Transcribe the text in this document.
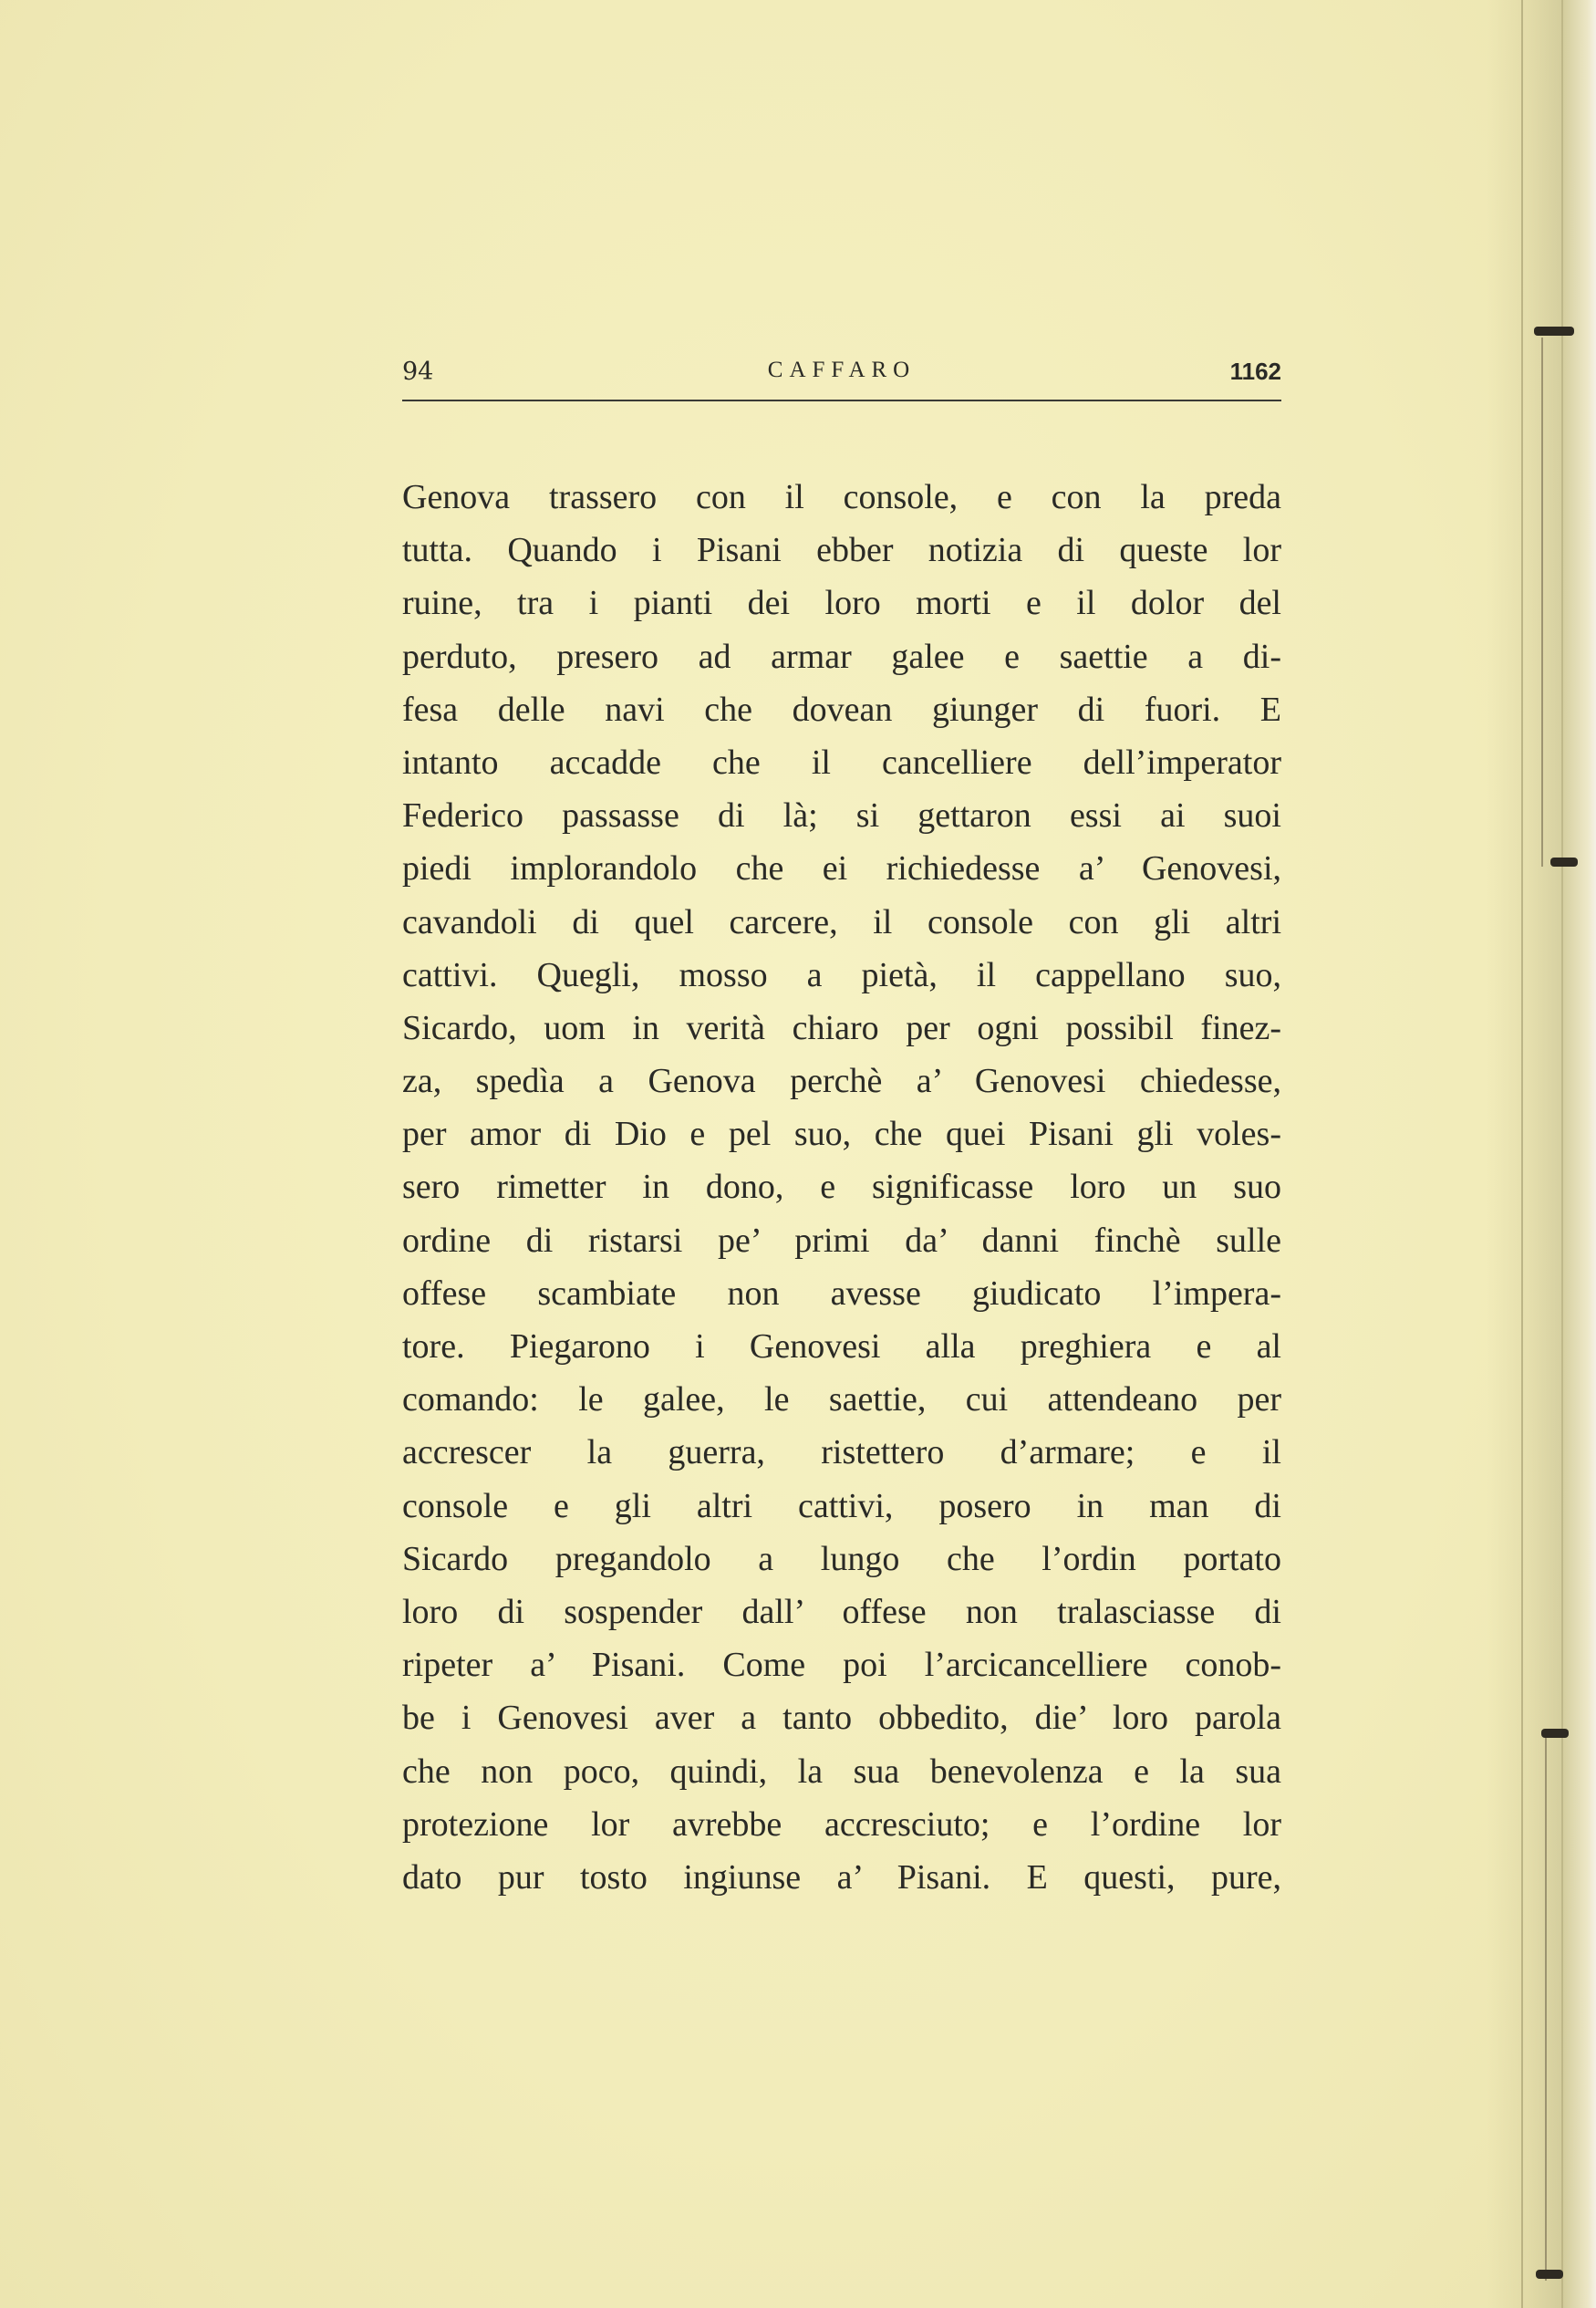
94	CAFFARO	1162
Genova trassero con il console, e con la preda
tutta. Quando i Pisani ebber notizia di queste lor
ruine, tra i pianti dei loro morti e il dolor del
perduto, presero ad armar galee e saettie a di-
fesa delle navi che dovean giunger di fuori. E
intanto accadde che il cancelliere dell’imperator
Federico passasse di là; si gettaron essi ai suoi
piedi implorandolo che ei richiedesse a’ Genovesi,
cavandoli di quel carcere, il console con gli altri
cattivi. Quegli, mosso a pietà, il cappellano suo,
Sicardo, uom in verità chiaro per ogni possibil finez-
za, spedìa a Genova perchè a’ Genovesi chiedesse,
per amor di Dio e pel suo, che quei Pisani gli voles-
sero rimetter in dono, e significasse loro un suo
ordine di ristarsi pe’ primi da’ danni finchè sulle
offese scambiate non avesse giudicato l’impera-
tore. Piegarono i Genovesi alla preghiera e al
comando: le galee, le saettie, cui attendeano per
accrescer la guerra, ristettero d’armare; e il
console e gli altri cattivi, posero in man di
Sicardo pregandolo a lungo che l’ordin portato
loro di sospender dall’ offese non tralasciasse di
ripeter a’ Pisani. Come poi l’arcicancelliere conob-
be i Genovesi aver a tanto obbedito, die’ loro parola
che non poco, quindi, la sua benevolenza e la sua
protezione lor avrebbe accresciuto; e l’ordine lor
dato pur tosto ingiunse a’ Pisani. E questi, pure,
